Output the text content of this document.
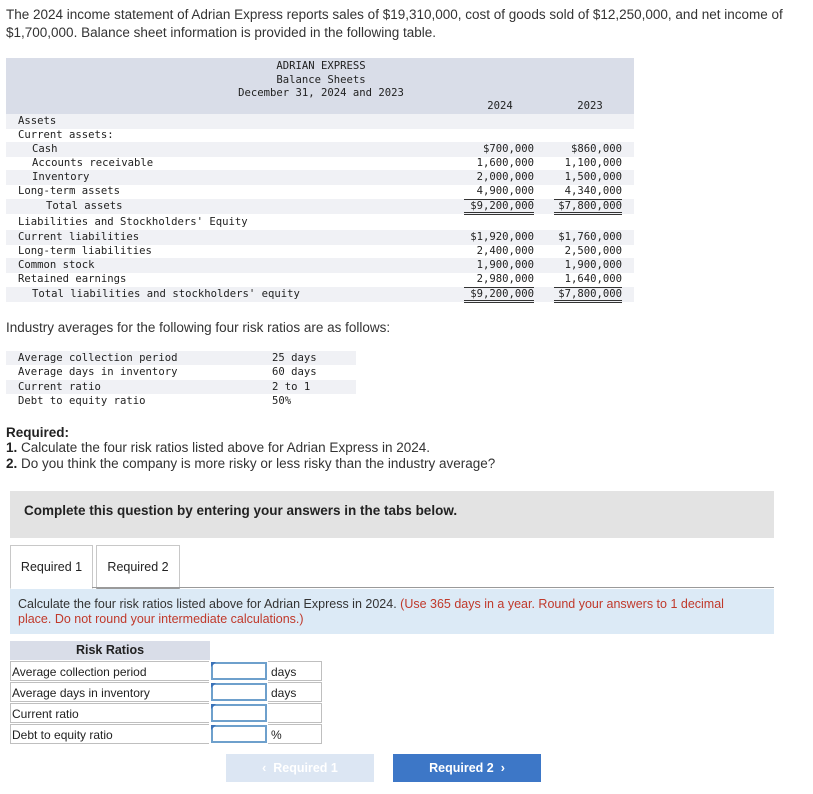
The 2024 income statement of Adrian Express reports sales of $19,310,000, cost of goods sold of $12,250,000, and net income of
$1,700,000. Balance sheet information is provided in the following table.
ADRIAN EXPRESS
Balance Sheets
December 31, 2024 and 2023
2024	2023
Assets
Current assets:
Cash	$700,000	$860,000
Accounts receivable	1,600,000	1,100,000
Inventory	2,000,000	1,500,000
Long-term assets	4,900,000	4,340,000
Total assets	$9,200,000	$7,800,000
Liabilities and Stockholders' Equity
Current liabilities	$1,920,000	$1,760,000
Long-term liabilities	2,400,000	2,500,000
Common stock	1,900,000	1,900,000
Retained earnings	2,980,000	1,640,000
Total liabilities and stockholders' equity	$9,200,000	$7,800,000
Industry averages for the following four risk ratios are as follows:
Average collection period	25 days
Average days in inventory	60 days
Current ratio	2 to 1
Debt to equity ratio	50%
Required:
1. Calculate the four risk ratios listed above for Adrian Express in 2024.
2. Do you think the company is more risky or less risky than the industry average?
Complete this question by entering your answers in the tabs below.
Required 1	Required 2
Calculate the four risk ratios listed above for Adrian Express in 2024. (Use 365 days in a year. Round your answers to 1 decimal place. Do not round your intermediate calculations.)
Risk Ratios
Average collection period	days
Average days in inventory	days
Current ratio
Debt to equity ratio	%
‹ Required 1	Required 2 ›
